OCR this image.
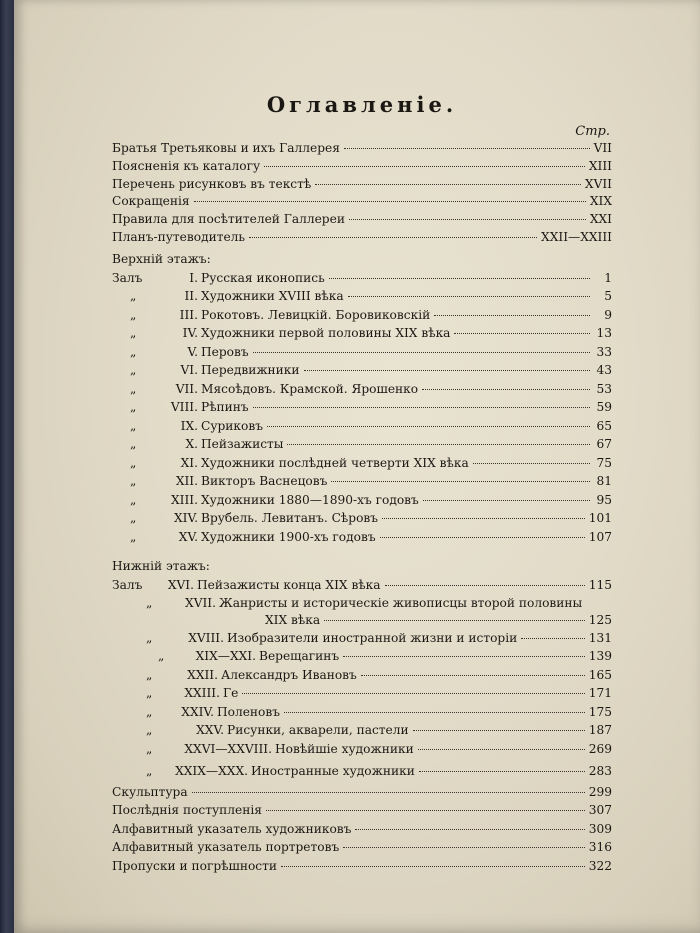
Оглавленiе.
Стр.
Братья Третьяковы и ихъ Галлерея	VII
Поясненiя къ каталогу	XIII
Перечень рисунковъ въ текстѣ	XVII
Сокращенiя	XIX
Правила для посѣтителей Галлереи	XXI
Планъ-путеводитель	XXII—XXIII
Верхнiй этажъ:
Залъ	I. Русская иконопись	1
„	II. Художники XVIII вѣка	5
„	III. Рокотовъ. Левицкiй. Боровиковскiй	9
„	IV. Художники первой половины XIX вѣка	13
„	V. Перовъ	33
„	VI. Передвижники	43
„	VII. Мясоѣдовъ. Крамской. Ярошенко	53
„	VIII. Рѣпинъ	59
„	IX. Суриковъ	65
„	X. Пейзажисты	67
„	XI. Художники послѣдней четверти XIX вѣка	75
„	XII. Викторъ Васнецовъ	81
„	XIII. Художники 1880—1890-хъ годовъ	95
„	XIV. Врубель. Левитанъ. Сѣровъ	101
„	XV. Художники 1900-хъ годовъ	107
Нижнiй этажъ:
Залъ	XVI. Пейзажисты конца XIX вѣка	115
„	XVII. Жанристы и историческiе живописцы второй половины
XIX вѣка	125
„	XVIII. Изобразители иностранной жизни и исторiи	131
„	XIX—XXI. Верещагинъ	139
„	XXII. Александръ Ивановъ	165
„	XXIII. Ге	171
„	XXIV. Поленовъ	175
„	XXV. Рисунки, акварели, пастели	187
„	XXVI—XXVIII. Новѣйшiе художники	269
„	XXIX—XXX. Иностранные художники	283
Скульптура	299
Послѣднiя поступленiя	307
Алфавитный указатель художниковъ	309
Алфавитный указатель портретовъ	316
Пропуски и погрѣшности	322
